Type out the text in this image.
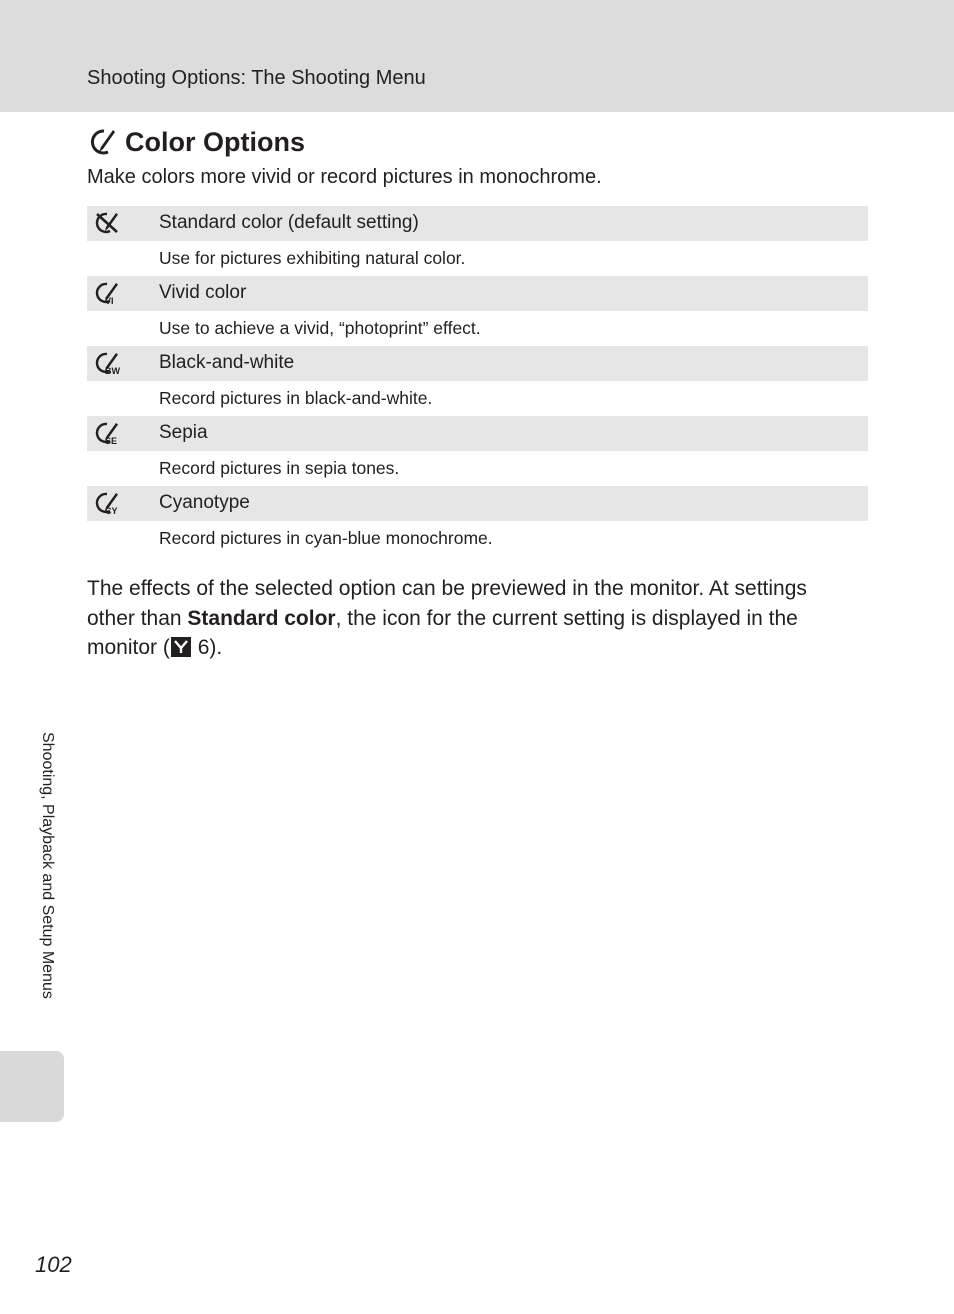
Shooting Options: The Shooting Menu
Color Options
Make colors more vivid or record pictures in monochrome.
Standard color (default setting)
Use for pictures exhibiting natural color.
VI Vivid color
Use to achieve a vivid, “photoprint” effect.
BW Black-and-white
Record pictures in black-and-white.
SE Sepia
Record pictures in sepia tones.
CY Cyanotype
Record pictures in cyan-blue monochrome.
The effects of the selected option can be previewed in the monitor. At settings other than Standard color, the icon for the current setting is displayed in the monitor ( 6).
Shooting, Playback and Setup Menus
102
